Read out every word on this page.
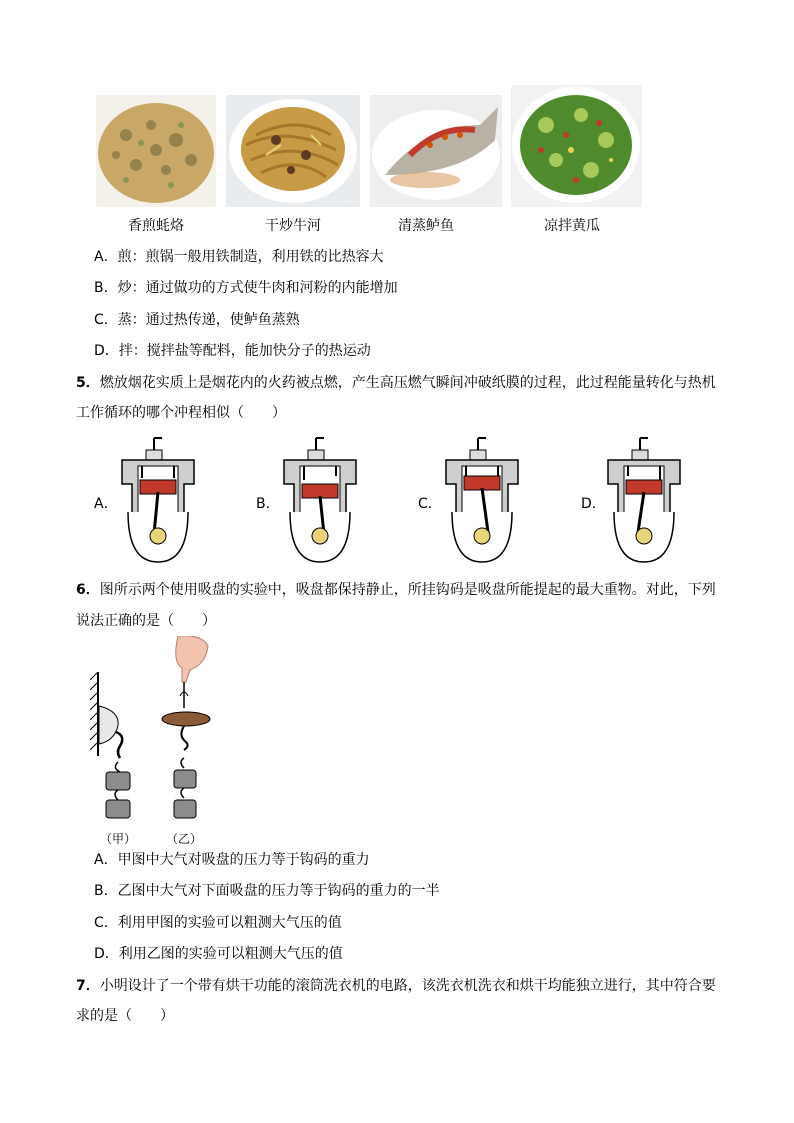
香煎蚝烙	干炒牛河	清蒸鲈鱼	凉拌黄瓜
A．煎：煎锅一般用铁制造，利用铁的比热容大
B．炒：通过做功的方式使牛肉和河粉的内能增加
C．蒸：通过热传递，使鲈鱼蒸熟
D．拌：搅拌盐等配料，能加快分子的热运动
5．燃放烟花实质上是烟花内的火药被点燃，产生高压燃气瞬间冲破纸膜的过程，此过程能量转化与热机
工作循环的哪个冲程相似（　　）
A．	B．	C．	D．
6．图所示两个使用吸盘的实验中，吸盘都保持静止，所挂钩码是吸盘所能提起的最大重物。对此，下列
说法正确的是（　　）
（甲） （乙）
A．甲图中大气对吸盘的压力等于钩码的重力
B．乙图中大气对下面吸盘的压力等于钩码的重力的一半
C．利用甲图的实验可以粗测大气压的值
D．利用乙图的实验可以粗测大气压的值
7．小明设计了一个带有烘干功能的滚筒洗衣机的电路，该洗衣机洗衣和烘干均能独立进行，其中符合要
求的是（　　）
